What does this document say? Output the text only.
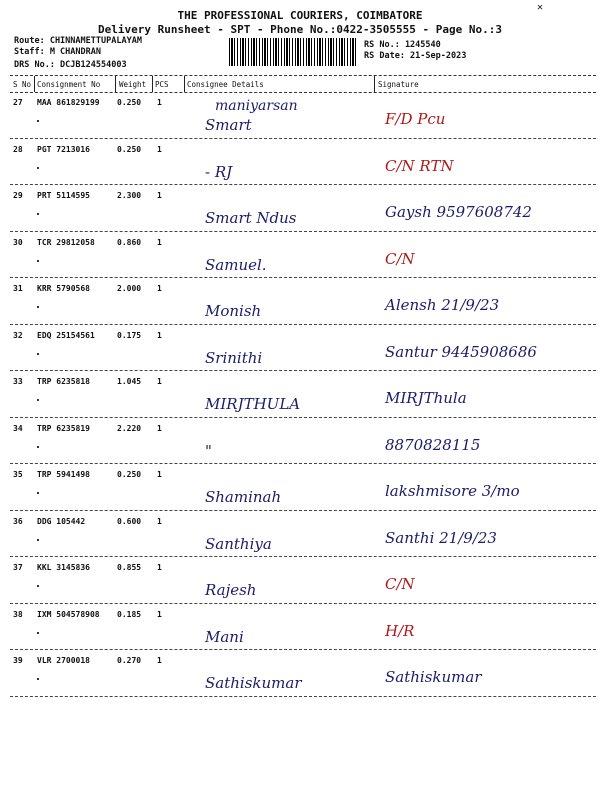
✕
THE PROFESSIONAL COURIERS, COIMBATORE
Delivery Runsheet - SPT - Phone No.:0422-3505555 - Page No.:3
Route: CHINNAMETTUPALAYAM
Staff: M CHANDRAN
DRS No.: DCJB124554003
RS No.: 1245540
RS Date: 21-Sep-2023
S No Consignment No	Weight PCS Consignee Details	Signature
27 MAA 861829199 0.250 1	maniyarsan
Smart	F/D Pcu
28 PGT 7213016	0.250 1
- RJ	C/N RTN
29 PRT 5114595	2.300 1
Smart Ndus	Gaysh 9597608742
30 TCR 29812058	0.860 1
Samuel.	C/N
31 KRR 5790568	2.000 1
Monish	Alensh 21/9/23
32 EDQ 25154561	0.175 1
Srinithi	Santur 9445908686
33 TRP 6235818	1.045 1
MIRJTHULA	MIRJThula
34 TRP 6235819	2.220 1
"	8870828115
35 TRP 5941498	0.250 1
Shaminah	lakshmisore 3/mo
36 DDG 105442	0.600 1
Santhiya	Santhi 21/9/23
37 KKL 3145836	0.855 1
Rajesh	C/N
38 IXM 504578908 0.185 1
Mani	H/R
39 VLR 2700018	0.270 1
Sathiskumar	Sathiskumar
